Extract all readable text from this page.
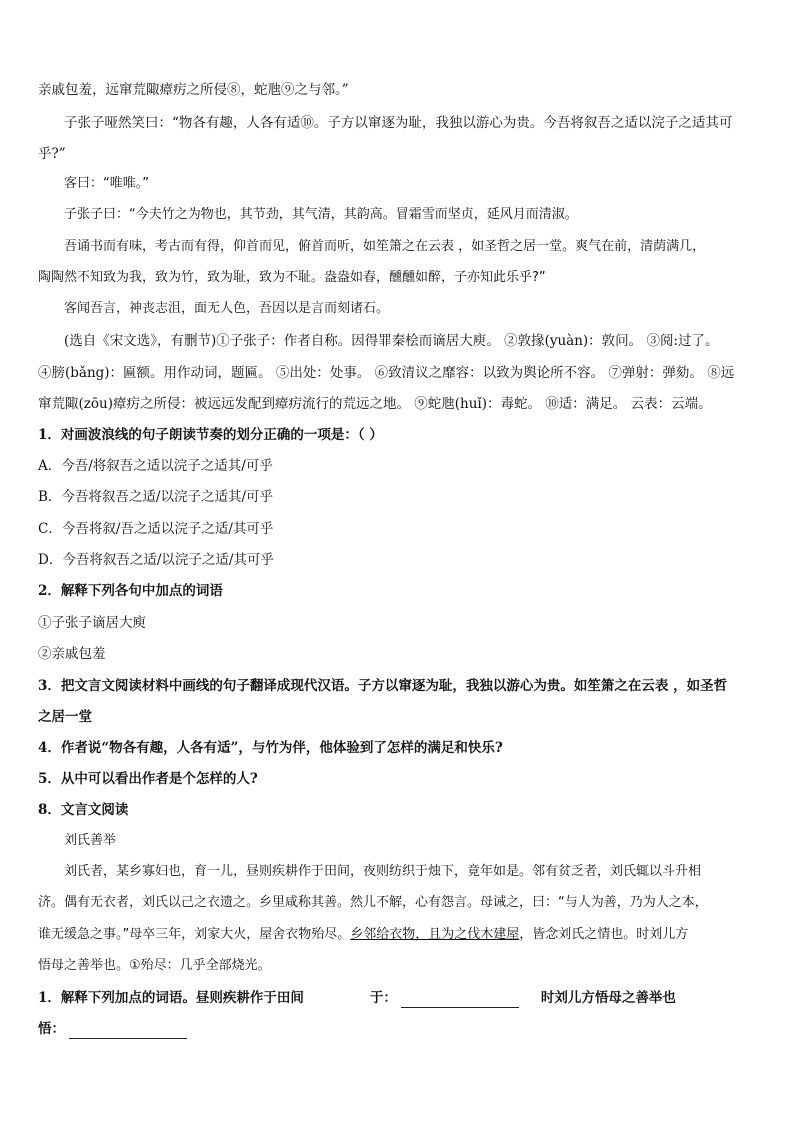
亲戚包羞，远窜荒陬瘴疠之所侵⑧，蛇虺⑨之与邻。”
子张子哑然笑曰：“物各有趣，人各有适⑩。子方以窜逐为耻，我独以游心为贵。今吾将叙吾之适以浣子之适其可
乎?”
客曰：“唯唯。”
子张子曰：“今夫竹之为物也，其节劲，其气清，其韵高。冒霜雪而坚贞，延风月而清淑。
吾诵书而有味，考古而有得，仰首而见，俯首而听，如笙箫之在云表 ，如圣哲之居一堂。爽气在前，清荫满几，
陶陶然不知致为我，致为竹，致为耻，致为不耻。盎盎如春，醺醺如醉，子亦知此乐乎?”
客闻吾言，神丧志沮，面无人色，吾因以是言而刻诸石。
(选自《宋文选》，有删节)①子张子：作者自称。因得罪秦桧而谪居大庾。 ②敦掾(yuàn)：敦问。 ③阅:过了。
④膀(bǎng)：匾额。用作动词，题匾。 ⑤出处：处事。 ⑥致清议之靡容：以致为舆论所不容。 ⑦弹射：弹劾。 ⑧远
窜荒陬(zōu)瘴疠之所侵：被远远发配到瘴疠流行的荒远之地。 ⑨蛇虺(huǐ)：毒蛇。 ⑩适：满足。 云表：云端。
1．对画波浪线的句子朗读节奏的划分正确的一项是：（ ）
A．今吾/将叙吾之适以浣子之适其/可乎
B．今吾将叙吾之适/以浣子之适其/可乎
C．今吾将叙/吾之适以浣子之适/其可乎
D．今吾将叙吾之适/以浣子之适/其可乎
2．解释下列各句中加点的词语
①子张子谪居大庾
②亲戚包羞
3．把文言文阅读材料中画线的句子翻译成现代汉语。子方以窜逐为耻，我独以游心为贵。如笙箫之在云表 ，如圣哲
之居一堂
4．作者说“物各有趣，人各有适”，与竹为伴，他体验到了怎样的满足和快乐?
5．从中可以看出作者是个怎样的人?
8．文言文阅读
刘氏善举
刘氏者，某乡寡妇也，育一儿，昼则疾耕作于田间，夜则纺织于烛下，竟年如是。邻有贫乏者，刘氏辄以斗升相
济。偶有无衣者，刘氏以己之衣遗之。乡里咸称其善。然儿不解，心有怨言。母诫之，曰：“与人为善，乃为人之本，
谁无缓急之事。”母卒三年，刘家大火，屋舍衣物殆尽。乡邻给衣物，且为之伐木建屋，皆念刘氏之情也。时刘儿方
悟母之善举也。①殆尽：几乎全部烧光。
1．解释下列加点的词语。昼则疾耕作于田间	于：	时刘儿方悟母之善举也
悟：
